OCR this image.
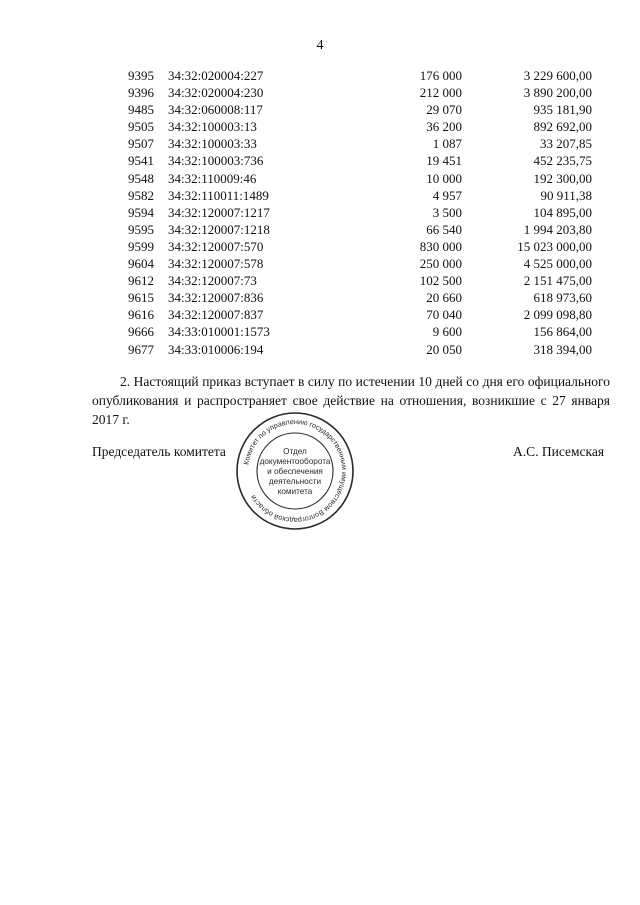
4
9395	34:32:020004:227	176 000	3 229 600,00
9396	34:32:020004:230	212 000	3 890 200,00
9485	34:32:060008:117	29 070	935 181,90
9505	34:32:100003:13	36 200	892 692,00
9507	34:32:100003:33	1 087	33 207,85
9541	34:32:100003:736	19 451	452 235,75
9548	34:32:110009:46	10 000	192 300,00
9582	34:32:110011:1489	4 957	90 911,38
9594	34:32:120007:1217	3 500	104 895,00
9595	34:32:120007:1218	66 540	1 994 203,80
9599	34:32:120007:570	830 000	15 023 000,00
9604	34:32:120007:578	250 000	4 525 000,00
9612	34:32:120007:73	102 500	2 151 475,00
9615	34:32:120007:836	20 660	618 973,60
9616	34:32:120007:837	70 040	2 099 098,80
9666	34:33:010001:1573	9 600	156 864,00
9677	34:33:010006:194	20 050	318 394,00
2. Настоящий приказ вступает в силу по истечении 10 дней со дня его официального опубликования и распространяет свое действие на отношения, возникшие с 27 января 2017 г.
Председатель комитета	А.С. Писемская
Комитет по управлению государственным имуществом Волгоградской области
Отдел
документооборота
и обеспечения
деятельности
комитета
